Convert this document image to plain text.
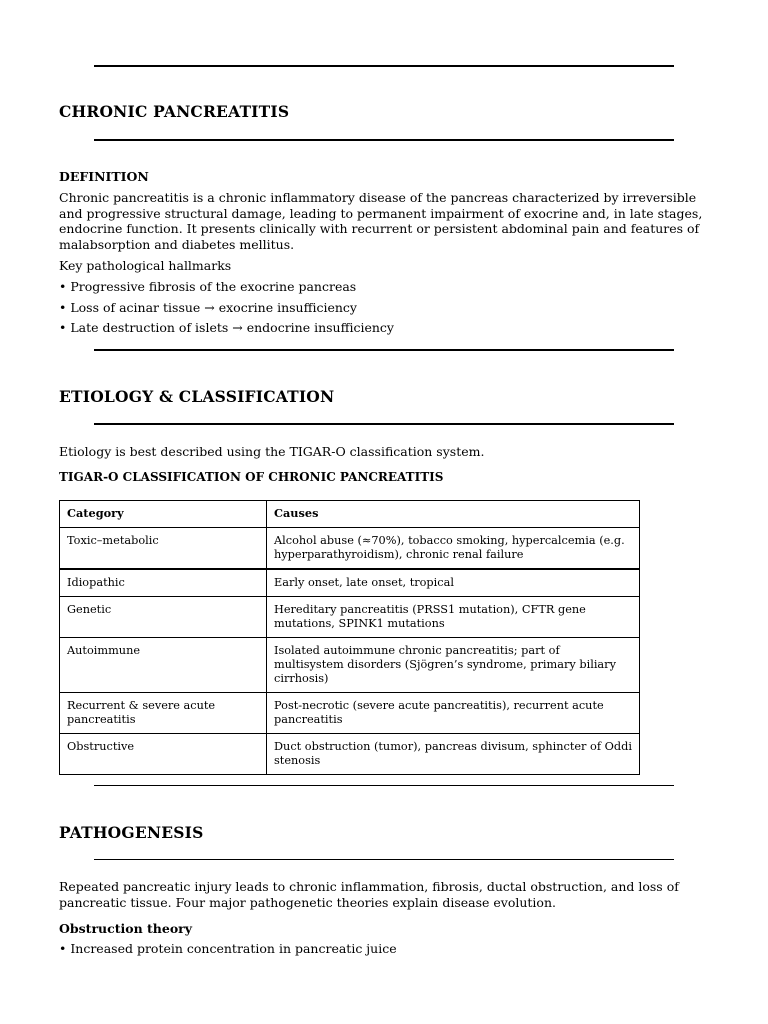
CHRONIC PANCREATITIS
DEFINITION
Chronic pancreatitis is a chronic inflammatory disease of the pancreas characterized by irreversible and progressive structural damage, leading to permanent impairment of exocrine and, in late stages, endocrine function. It presents clinically with recurrent or persistent abdominal pain and features of malabsorption and diabetes mellitus.
Key pathological hallmarks
• Progressive fibrosis of the exocrine pancreas
• Loss of acinar tissue → exocrine insufficiency
• Late destruction of islets → endocrine insufficiency
ETIOLOGY & CLASSIFICATION
Etiology is best described using the TIGAR-O classification system.
TIGAR-O CLASSIFICATION OF CHRONIC PANCREATITIS
Category	Causes
Toxic–metabolic	Alcohol abuse (≈70%), tobacco smoking, hypercalcemia (e.g. hyperparathyroidism), chronic renal failure
Idiopathic	Early onset, late onset, tropical
Genetic	Hereditary pancreatitis (PRSS1 mutation), CFTR gene mutations, SPINK1 mutations
Autoimmune	Isolated autoimmune chronic pancreatitis; part of multisystem disorders (Sjögren’s syndrome, primary biliary cirrhosis)
Recurrent & severe acute pancreatitis	Post-necrotic (severe acute pancreatitis), recurrent acute pancreatitis
Obstructive	Duct obstruction (tumor), pancreas divisum, sphincter of Oddi stenosis
PATHOGENESIS
Repeated pancreatic injury leads to chronic inflammation, fibrosis, ductal obstruction, and loss of pancreatic tissue. Four major pathogenetic theories explain disease evolution.
Obstruction theory
• Increased protein concentration in pancreatic juice
